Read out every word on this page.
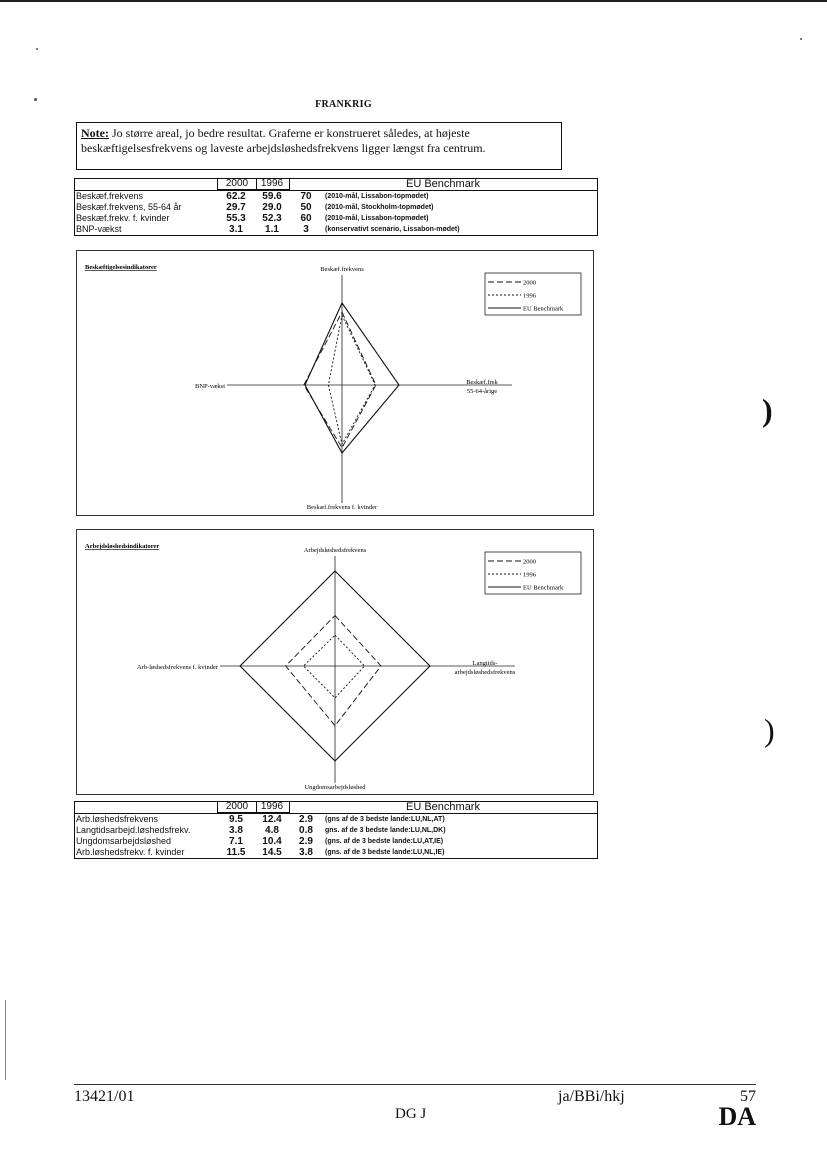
FRANKRIG
Note: Jo større areal, jo bedre resultat. Graferne er konstrueret således, at højeste beskæftigelsesfrekvens og laveste arbejdsløshedsfrekvens ligger længst fra centrum.
2000	1996	EU Benchmark
Beskæf.frekvens	62.2	59.6	70	(2010-mål, Lissabon-topmødet)
Beskæf.frekvens, 55-64 år	29.7	29.0	50	(2010-mål, Stockholm-topmødet)
Beskæf.frekv. f. kvinder	55.3	52.3	60	(2010-mål, Lissabon-topmødet)
BNP-vækst	3.1	1.1	3	(konservativt scenario, Lissabon-mødet)
Beskæftigelsesindikatorer	Beskæf.frekvens
Beskæf.frek
55-64-årige
Beskæf.frekvens f. kvinder
BNP-vækst
2000
1996
EU Benchmark
Arbejdsløshedsindikatorer
Arbejdsløshedsfrekvens
Langtids-
arbejdsløshedsfrekvens
Ungdomsarbejdsløshed
Arb-løshedsfrekvens f. kvinder
2000
1996
EU Benchmark
2000	1996	EU Benchmark
Arb.løshedsfrekvens	9.5	12.4	2.9	(gns af de 3 bedste lande:LU,NL,AT)
Langtidsarbejd.løshedsfrekv.	3.8	4.8	0.8	gns. af de 3 bedste lande:LU,NL,DK)
Ungdomsarbejdsløshed	7.1	10.4	2.9	(gns. af de 3 bedste lande:LU,AT,IE)
Arb.løshedsfrekv. f. kvinder	11.5	14.5	3.8	(gns. af de 3 bedste lande:LU,NL,IE)
13421/01
DG J
ja/BBi/hkj	57
DA
)
)
